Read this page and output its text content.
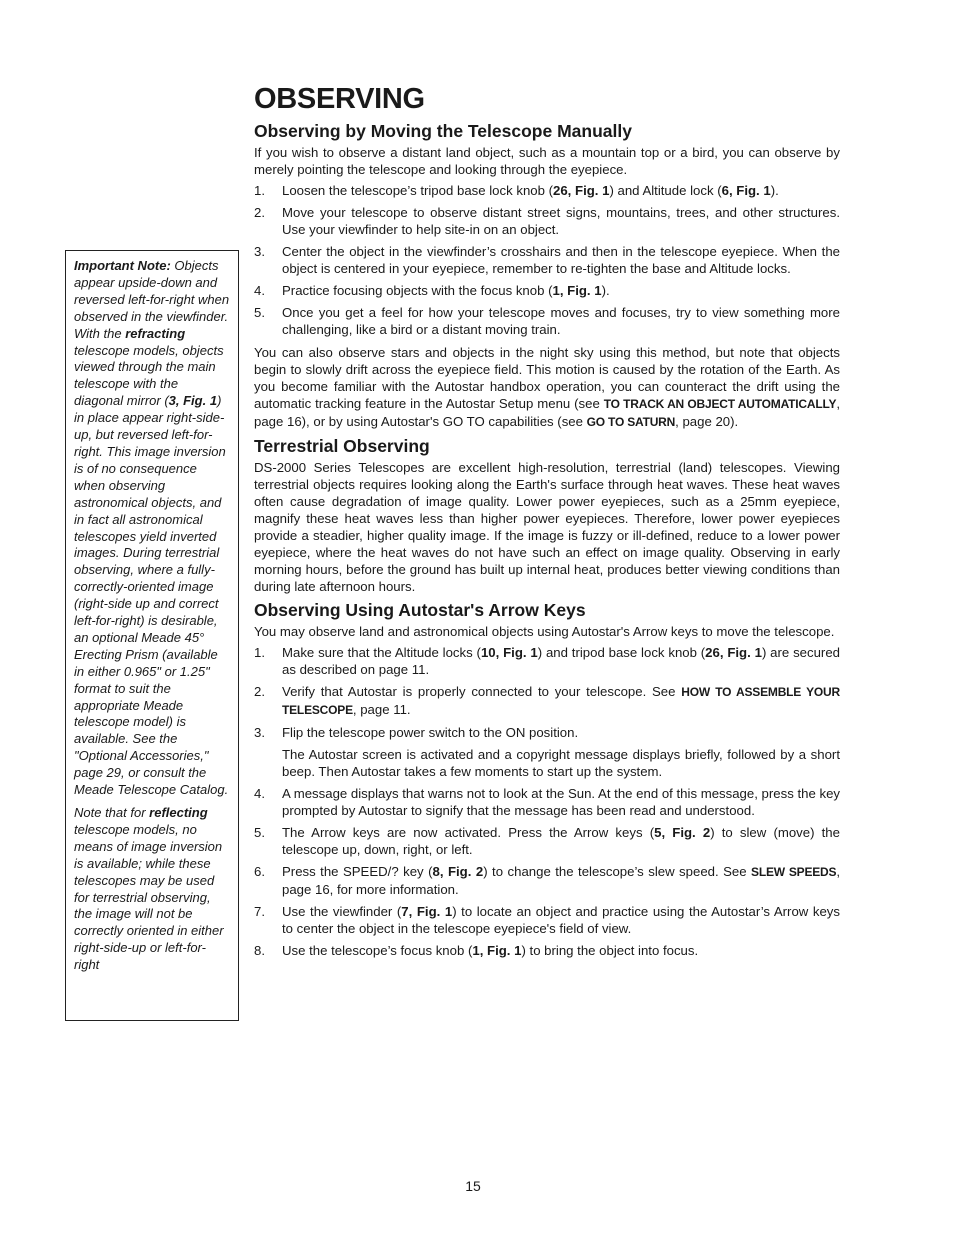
Important Note: Objects appear upside-down and reversed left-for-right when observed in the viewfinder. With the refracting telescope models, objects viewed through the main telescope with the diagonal mirror (3, Fig. 1) in place appear right-side-up, but reversed left-for-right. This image inversion is of no consequence when observing astronomical objects, and in fact all astronomical telescopes yield inverted images. During terrestrial observing, where a fully-correctly-oriented image (right-side up and correct left-for-right) is desirable, an optional Meade 45° Erecting Prism (available in either 0.965" or 1.25" format to suit the appropriate Meade telescope model) is available. See the "Optional Accessories," page 29, or consult the Meade Telescope Catalog.

Note that for reflecting telescope models, no means of image inversion is available; while these telescopes may be used for terrestrial observing, the image will not be correctly oriented in either right-side-up or left-for-right

OBSERVING
Observing by Moving the Telescope Manually

If you wish to observe a distant land object, such as a mountain top or a bird, you can observe by merely pointing the telescope and looking through the eyepiece.

1. Loosen the telescope’s tripod base lock knob (26, Fig. 1) and Altitude lock (6, Fig. 1).
2. Move your telescope to observe distant street signs, mountains, trees, and other structures. Use your viewfinder to help site-in on an object.
3. Center the object in the viewfinder’s crosshairs and then in the telescope eyepiece. When the object is centered in your eyepiece, remember to re-tighten the base and Altitude locks.
4. Practice focusing objects with the focus knob (1, Fig. 1).
5. Once you get a feel for how your telescope moves and focuses, try to view something more challenging, like a bird or a distant moving train.

You can also observe stars and objects in the night sky using this method, but note that objects begin to slowly drift across the eyepiece field. This motion is caused by the rotation of the Earth. As you become familiar with the Autostar handbox operation, you can counteract the drift using the automatic tracking feature in the Autostar Setup menu (see TO TRACK AN OBJECT AUTOMATICALLY, page 16), or by using Autostar's GO TO capabilities (see GO TO SATURN, page 20).

Terrestrial Observing

DS-2000 Series Telescopes are excellent high-resolution, terrestrial (land) telescopes. Viewing terrestrial objects requires looking along the Earth's surface through heat waves. These heat waves often cause degradation of image quality. Lower power eyepieces, such as a 25mm eyepiece, magnify these heat waves less than higher power eyepieces. Therefore, lower power eyepieces provide a steadier, higher quality image. If the image is fuzzy or ill-defined, reduce to a lower power eyepiece, where the heat waves do not have such an effect on image quality. Observing in early morning hours, before the ground has built up internal heat, produces better viewing conditions than during late afternoon hours.

Observing Using Autostar's Arrow Keys

You may observe land and astronomical objects using Autostar's Arrow keys to move the telescope.

1. Make sure that the Altitude locks (10, Fig. 1) and tripod base lock knob (26, Fig. 1) are secured as described on page 11.
2. Verify that Autostar is properly connected to your telescope. See HOW TO ASSEMBLE YOUR TELESCOPE, page 11.
3. Flip the telescope power switch to the ON position.
The Autostar screen is activated and a copyright message displays briefly, followed by a short beep. Then Autostar takes a few moments to start up the system.
4. A message displays that warns not to look at the Sun. At the end of this message, press the key prompted by Autostar to signify that the message has been read and understood.
5. The Arrow keys are now activated. Press the Arrow keys (5, Fig. 2) to slew (move) the telescope up, down, right, or left.
6. Press the SPEED/? key (8, Fig. 2) to change the telescope’s slew speed. See SLEW SPEEDS, page 16, for more information.
7. Use the viewfinder (7, Fig. 1) to locate an object and practice using the Autostar’s Arrow keys to center the object in the telescope eyepiece's field of view.
8. Use the telescope’s focus knob (1, Fig. 1) to bring the object into focus.
15
